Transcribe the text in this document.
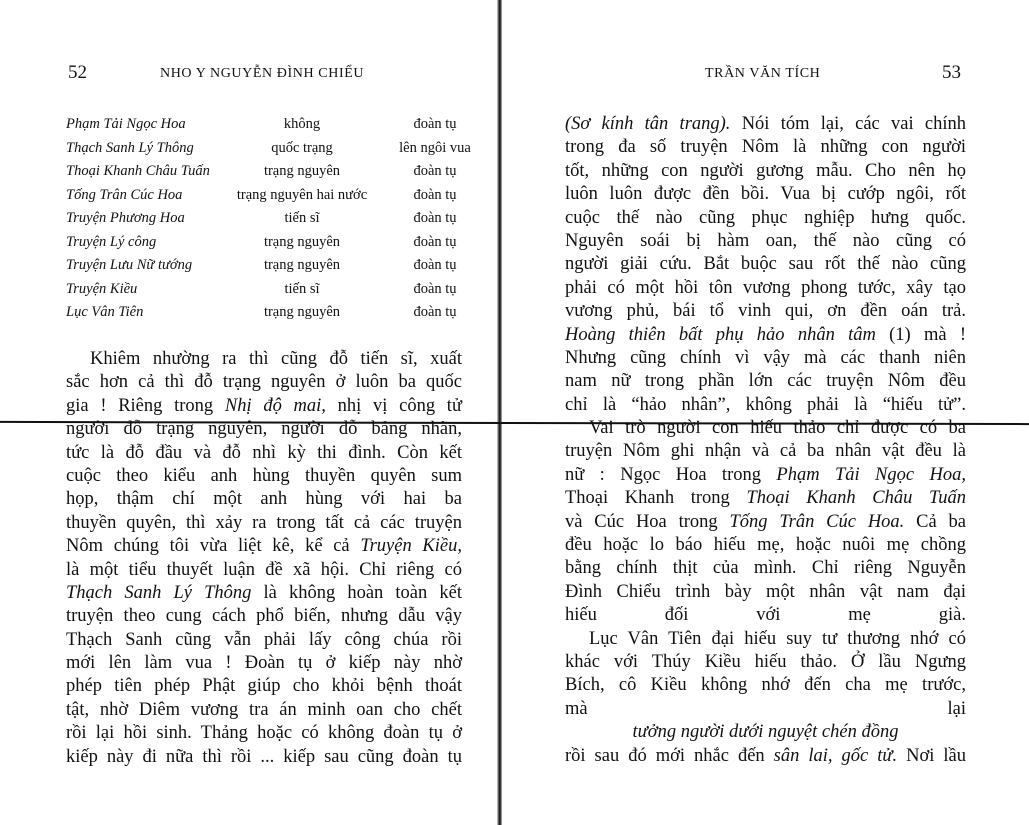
52	NHO Y NGUYỄN ĐÌNH CHIỂU
Phạm Tải Ngọc Hoa	không	đoàn tụ
Thạch Sanh Lý Thông	quốc trạng	lên ngôi vua
Thoại Khanh Châu Tuấn	trạng nguyên	đoàn tụ
Tống Trân Cúc Hoa	trạng nguyên hai nước	đoàn tụ
Truyện Phương Hoa	tiến sĩ	đoàn tụ
Truyện Lý công	trạng nguyên	đoàn tụ
Truyện Lưu Nữ tướng	trạng nguyên	đoàn tụ
Truyện Kiều	tiến sĩ	đoàn tụ
Lục Vân Tiên	trạng nguyên	đoàn tụ
Khiêm nhường ra thì cũng đỗ tiến sĩ, xuất
sắc hơn cả thì đỗ trạng nguyên ở luôn ba quốc
gia ! Riêng trong Nhị độ mai, nhị vị công tử
người đỗ trạng nguyên, người đỗ bảng nhãn,
tức là đỗ đầu và đỗ nhì kỳ thi đình. Còn kết
cuộc theo kiểu anh hùng thuyền quyên sum
họp, thậm chí một anh hùng với hai ba
thuyền quyên, thì xảy ra trong tất cả các truyện
Nôm chúng tôi vừa liệt kê, kể cả Truyện Kiều,
là một tiểu thuyết luận đề xã hội. Chỉ riêng có
Thạch Sanh Lý Thông là không hoàn toàn kết
truyện theo cung cách phổ biến, nhưng dẫu vậy
Thạch Sanh cũng vẫn phải lấy công chúa rồi
mới lên làm vua ! Đoàn tụ ở kiếp này nhờ
phép tiên phép Phật giúp cho khỏi bệnh thoát
tật, nhờ Diêm vương tra án minh oan cho chết
rồi lại hồi sinh. Thảng hoặc có không đoàn tụ ở
kiếp này đi nữa thì rồi ... kiếp sau cũng đoàn tụ
TRẦN VĂN TÍCH	53
(Sơ kính tân trang). Nói tóm lại, các vai chính
trong đa số truyện Nôm là những con người
tốt, những con người gương mẫu. Cho nên họ
luôn luôn được đền bồi. Vua bị cướp ngôi, rốt
cuộc thế nào cũng phục nghiệp hưng quốc.
Nguyên soái bị hàm oan, thế nào cũng có
người giải cứu. Bắt buộc sau rốt thế nào cũng
phải có một hồi tôn vương phong tước, xây tạo
vương phủ, bái tổ vinh qui, ơn đền oán trả.
Hoàng thiên bất phụ hảo nhân tâm (1) mà !
Nhưng cũng chính vì vậy mà các thanh niên
nam nữ trong phần lớn các truyện Nôm đều
chỉ là “hảo nhân”, không phải là “hiếu tử”.
Vai trò người con hiếu thảo chỉ được có ba
truyện Nôm ghi nhận và cả ba nhân vật đều là
nữ : Ngọc Hoa trong Phạm Tải Ngọc Hoa,
Thoại Khanh trong Thoại Khanh Châu Tuấn
và Cúc Hoa trong Tống Trân Cúc Hoa. Cả ba
đều hoặc lo báo hiếu mẹ, hoặc nuôi mẹ chồng
bằng chính thịt của mình. Chỉ riêng Nguyễn
Đình Chiểu trình bày một nhân vật nam đại
hiếu đối với mẹ già.
Lục Vân Tiên đại hiếu suy tư thương nhớ có
khác với Thúy Kiều hiếu thảo. Ở lầu Ngưng
Bích, cô Kiều không nhớ đến cha mẹ trước,
mà lại
tưởng người dưới nguyệt chén đồng
rồi sau đó mới nhắc đến sân lai, gốc tử. Nơi lầu
